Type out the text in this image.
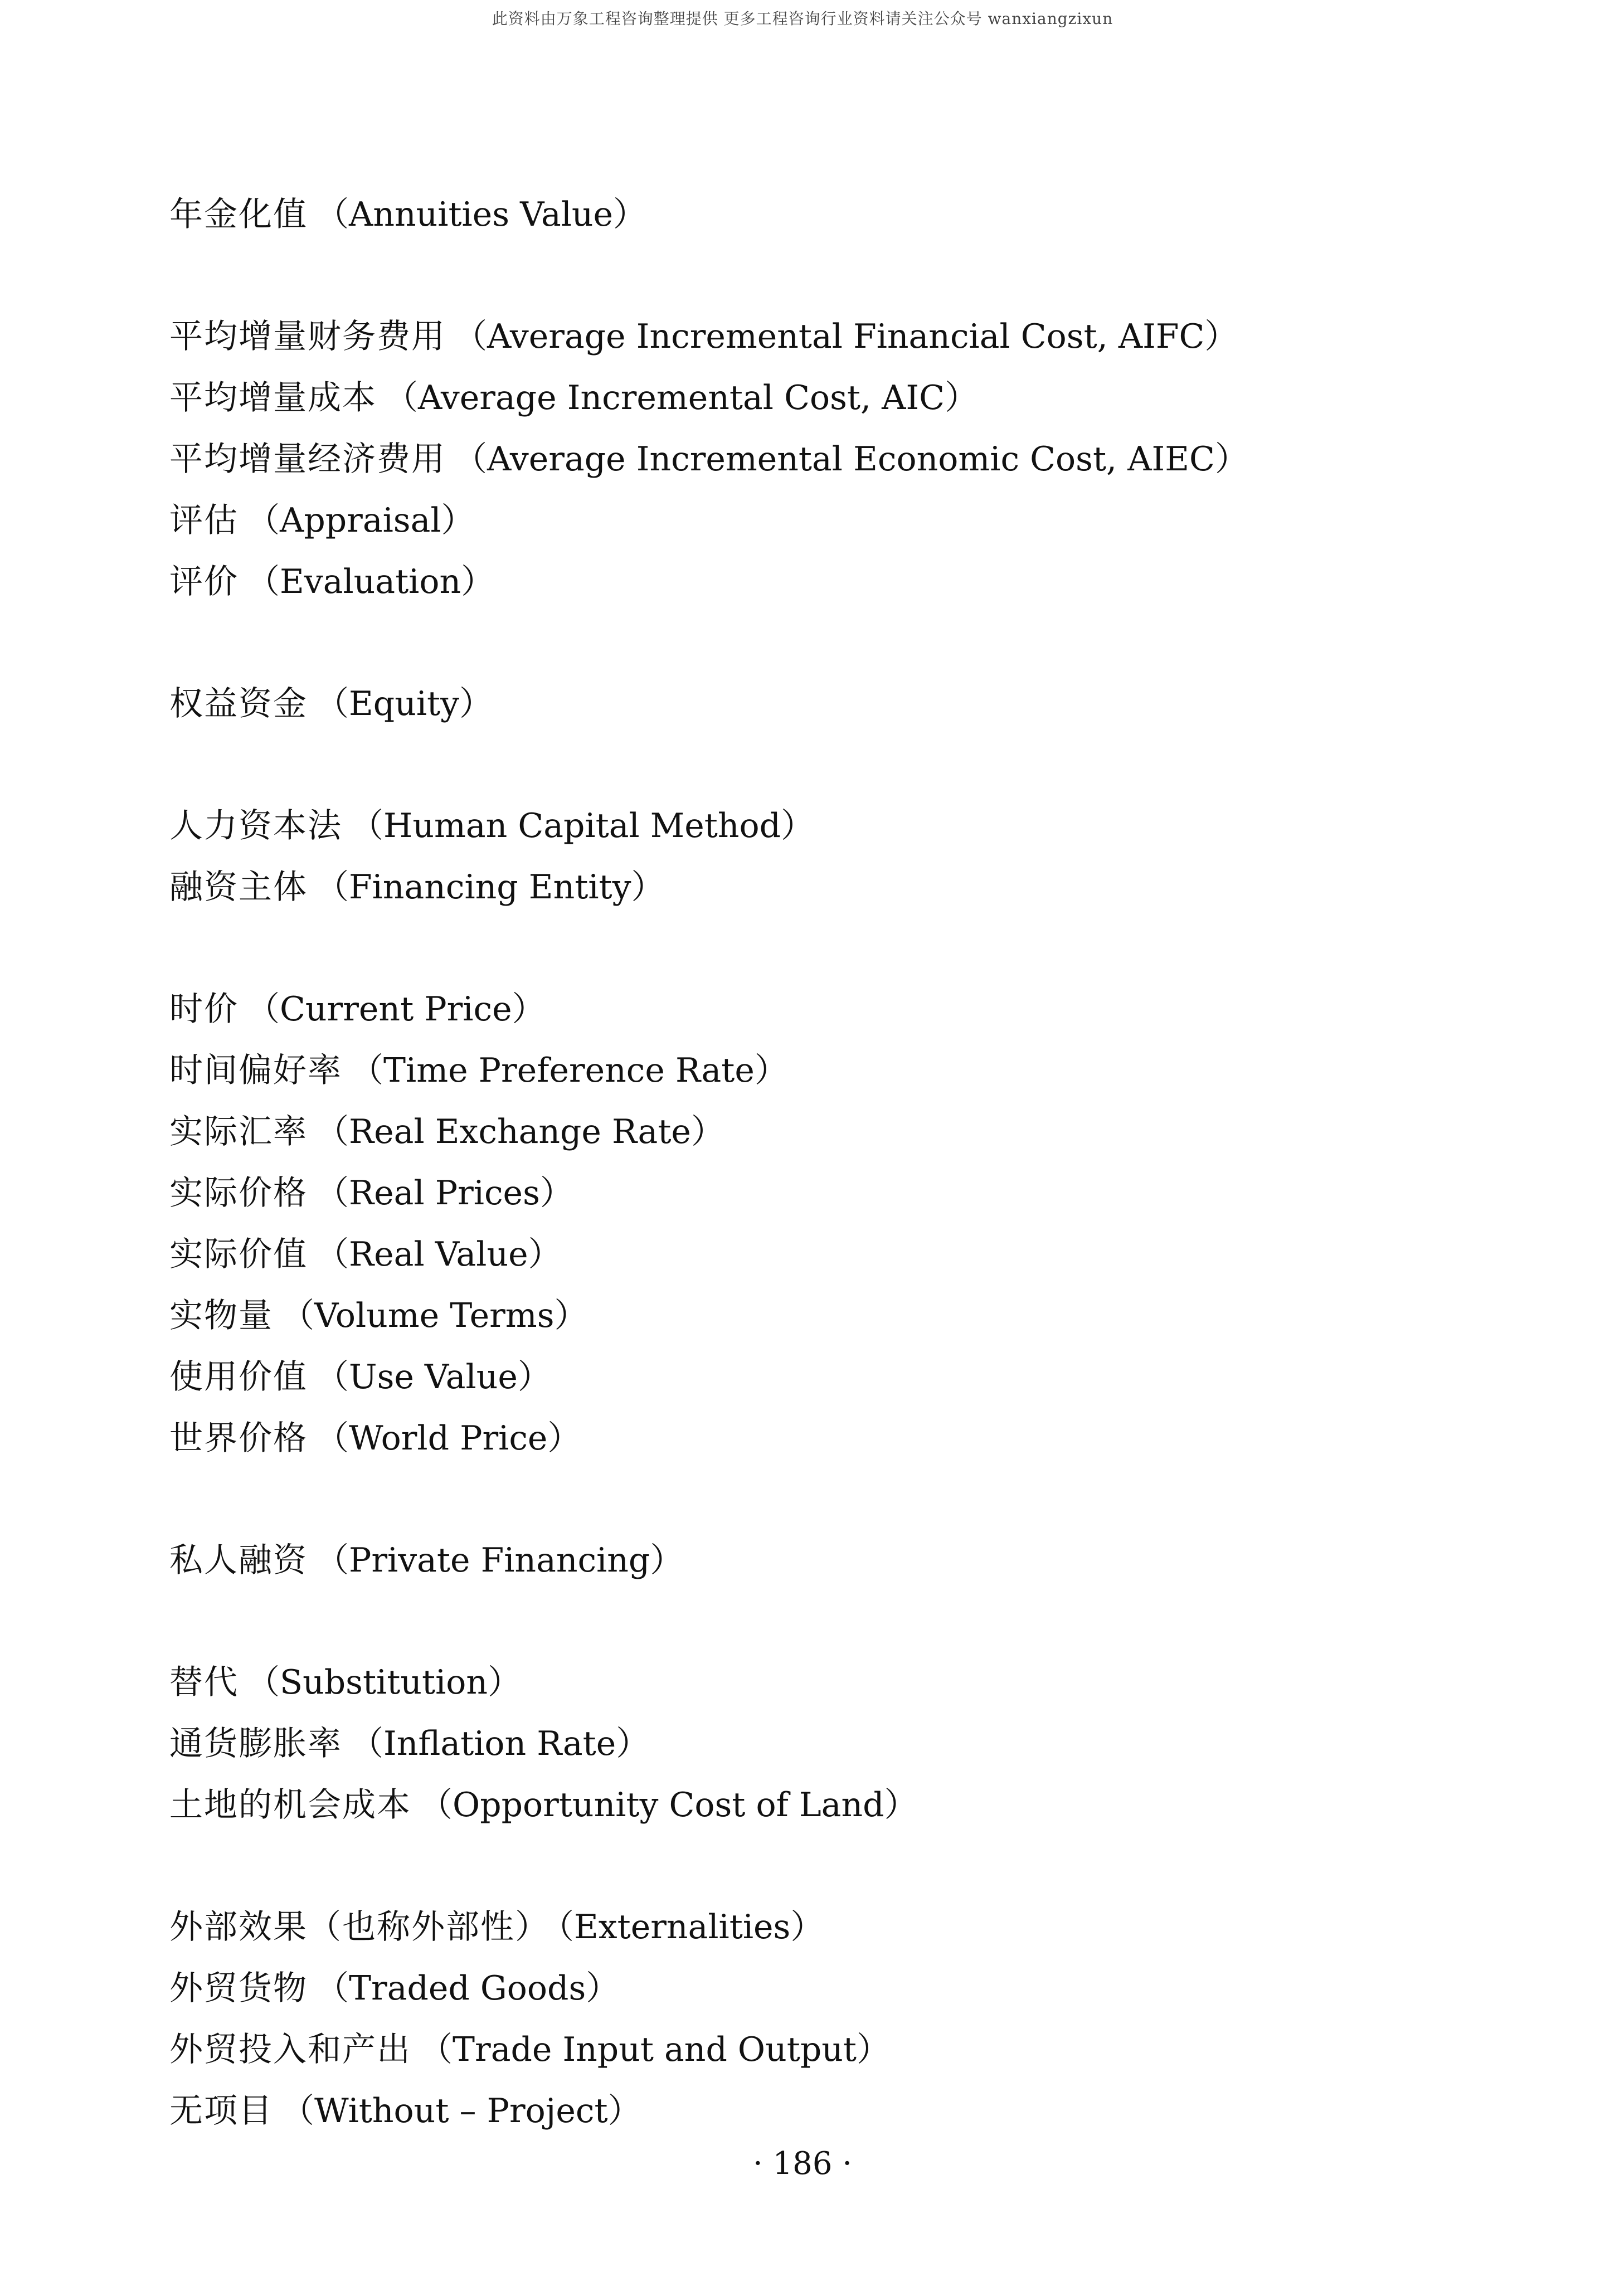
此资料由万象工程咨询整理提供 更多工程咨询行业资料请关注公众号 wanxiangzixun
年金化值 （Annuities Value）
平均增量财务费用 （Average Incremental Financial Cost, AIFC）
平均增量成本 （Average Incremental Cost, AIC）
平均增量经济费用 （Average Incremental Economic Cost, AIEC）
评估 （Appraisal）
评价 （Evaluation）
权益资金 （Equity）
人力资本法 （Human Capital Method）
融资主体 （Financing Entity）
时价 （Current Price）
时间偏好率 （Time Preference Rate）
实际汇率 （Real Exchange Rate）
实际价格 （Real Prices）
实际价值 （Real Value）
实物量 （Volume Terms）
使用价值 （Use Value）
世界价格 （World Price）
私人融资 （Private Financing）
替代 （Substitution）
通货膨胀率 （Inflation Rate）
土地的机会成本 （Opportunity Cost of Land）
外部效果（也称外部性） （Externalities）
外贸货物 （Traded Goods）
外贸投入和产出 （Trade Input and Output）
无项目 （Without – Project）
· 186 ·
